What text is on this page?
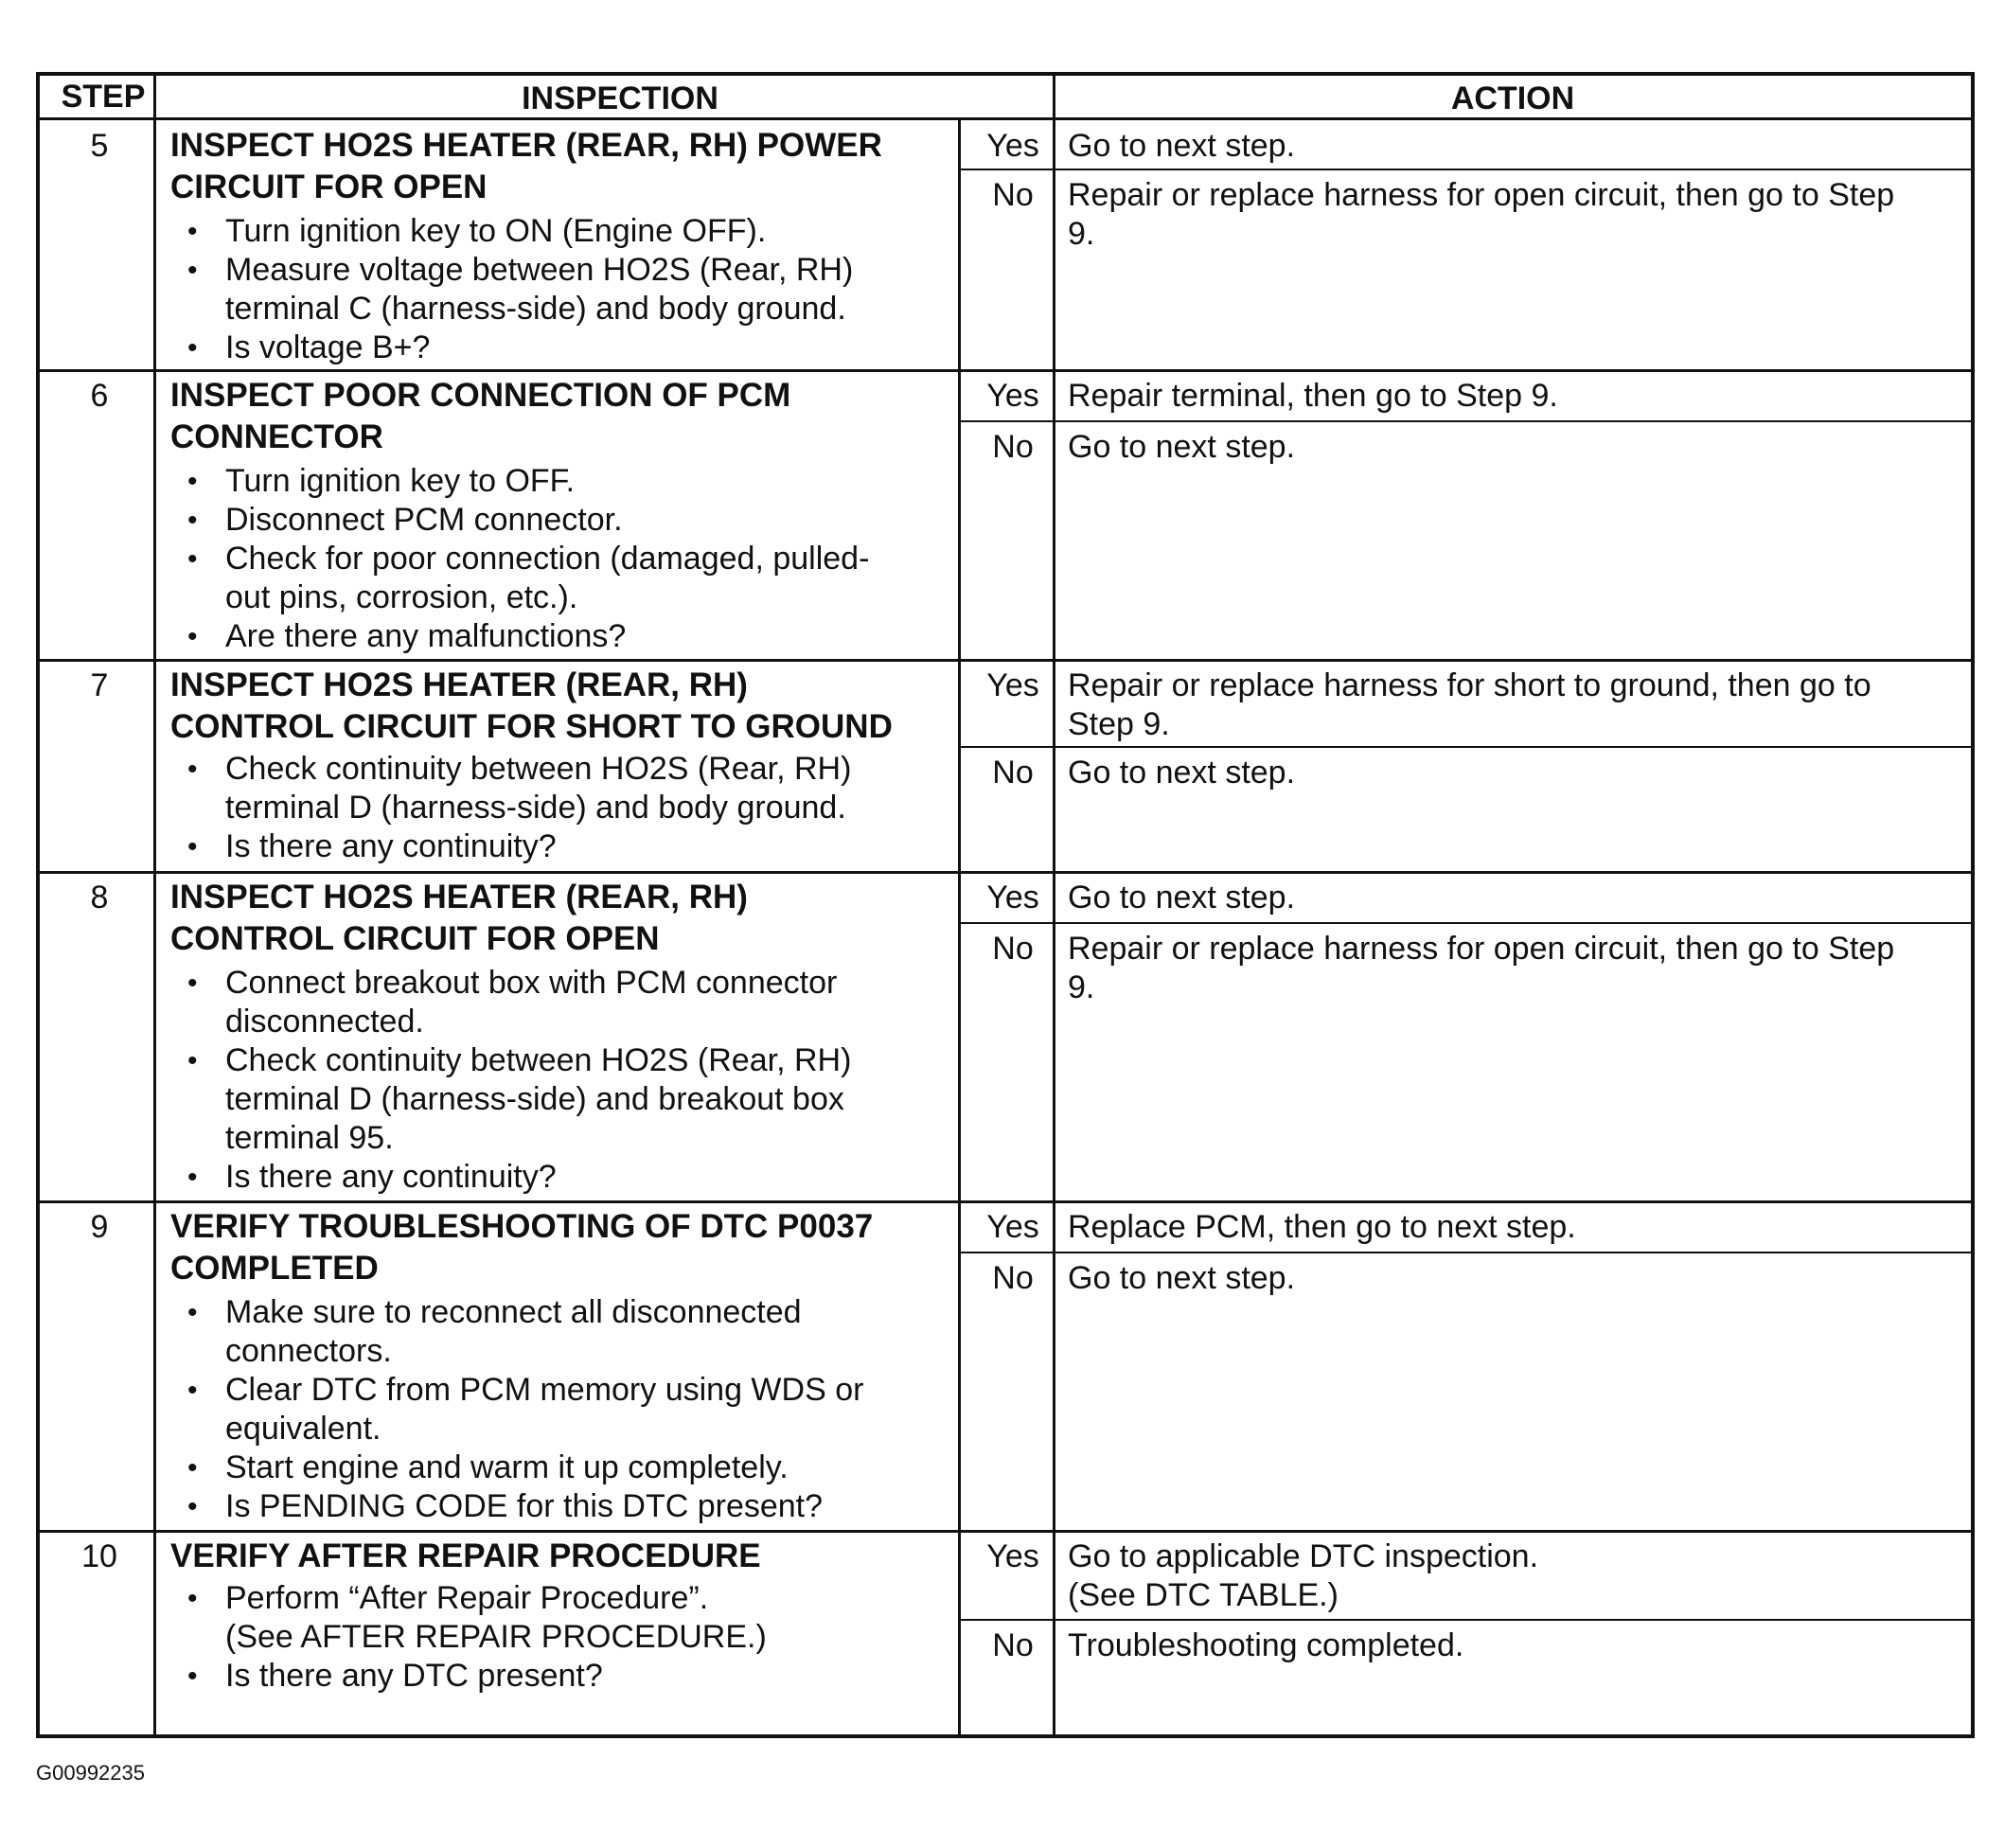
STEP	INSPECTION	ACTION
5	INSPECT HO2S HEATER (REAR, RH) POWER
CIRCUIT FOR OPEN
• Turn ignition key to ON (Engine OFF).
• Measure voltage between HO2S (Rear, RH)
terminal C (harness-side) and body ground.
• Is voltage B+?
Yes Go to next step.
No	Repair or replace harness for open circuit, then go to Step
9.
6	INSPECT POOR CONNECTION OF PCM
CONNECTOR
• Turn ignition key to OFF.
• Disconnect PCM connector.
• Check for poor connection (damaged, pulled-
out pins, corrosion, etc.).
• Are there any malfunctions?
Yes Repair terminal, then go to Step 9.
No	Go to next step.
7	INSPECT HO2S HEATER (REAR, RH)
CONTROL CIRCUIT FOR SHORT TO GROUND
• Check continuity between HO2S (Rear, RH)
terminal D (harness-side) and body ground.
• Is there any continuity?
Yes Repair or replace harness for short to ground, then go to
Step 9.
No	Go to next step.
8	INSPECT HO2S HEATER (REAR, RH)
CONTROL CIRCUIT FOR OPEN
• Connect breakout box with PCM connector
disconnected.
• Check continuity between HO2S (Rear, RH)
terminal D (harness-side) and breakout box
terminal 95.
• Is there any continuity?
Yes Go to next step.
No	Repair or replace harness for open circuit, then go to Step
9.
9	VERIFY TROUBLESHOOTING OF DTC P0037
COMPLETED
• Make sure to reconnect all disconnected
connectors.
• Clear DTC from PCM memory using WDS or
equivalent.
• Start engine and warm it up completely.
• Is PENDING CODE for this DTC present?
Yes Replace PCM, then go to next step.
No	Go to next step.
10	VERIFY AFTER REPAIR PROCEDURE
• Perform “After Repair Procedure”.
(See AFTER REPAIR PROCEDURE.)
• Is there any DTC present?
Yes Go to applicable DTC inspection.
(See DTC TABLE.)
No	Troubleshooting completed.
G00992235
